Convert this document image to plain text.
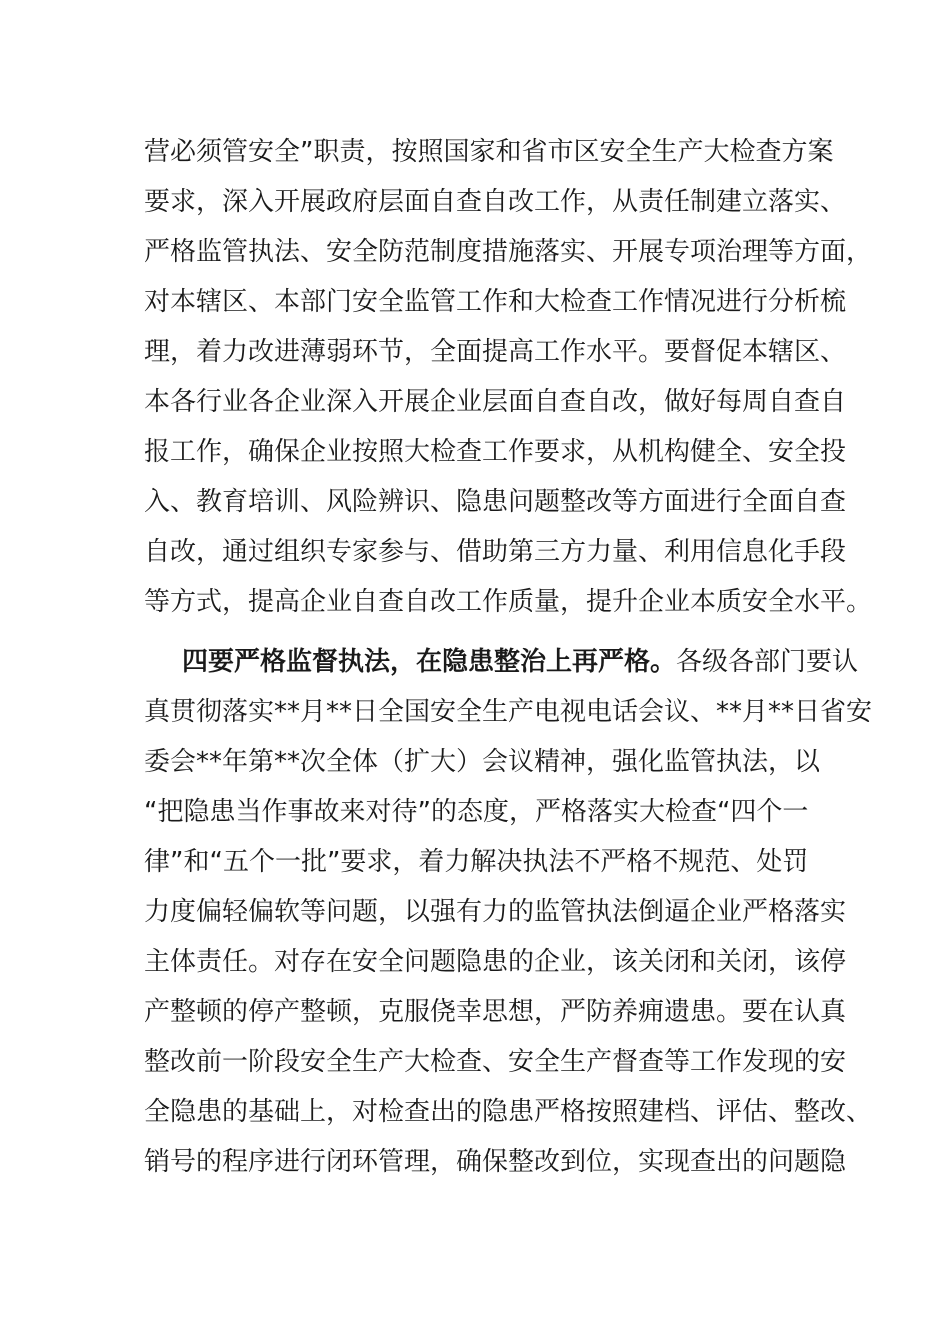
营必须管安全”职责，按照国家和省市区安全生产大检查方案
要求，深入开展政府层面自查自改工作，从责任制建立落实、
严格监管执法、安全防范制度措施落实、开展专项治理等方面，
对本辖区、本部门安全监管工作和大检查工作情况进行分析梳
理，着力改进薄弱环节，全面提高工作水平。要督促本辖区、
本各行业各企业深入开展企业层面自查自改，做好每周自查自
报工作，确保企业按照大检查工作要求，从机构健全、安全投
入、教育培训、风险辨识、隐患问题整改等方面进行全面自查
自改，通过组织专家参与、借助第三方力量、利用信息化手段
等方式，提高企业自查自改工作质量，提升企业本质安全水平。
四要严格监督执法，在隐患整治上再严格。各级各部门要认
真贯彻落实**月**日全国安全生产电视电话会议、**月**日省安
委会**年第**次全体（扩大）会议精神，强化监管执法，以
“把隐患当作事故来对待”的态度，严格落实大检查“四个一
律”和“五个一批”要求，着力解决执法不严格不规范、处罚
力度偏轻偏软等问题，以强有力的监管执法倒逼企业严格落实
主体责任。对存在安全问题隐患的企业，该关闭和关闭，该停
产整顿的停产整顿，克服侥幸思想，严防养痈遗患。要在认真
整改前一阶段安全生产大检查、安全生产督查等工作发现的安
全隐患的基础上，对检查出的隐患严格按照建档、评估、整改、
销号的程序进行闭环管理，确保整改到位，实现查出的问题隐
